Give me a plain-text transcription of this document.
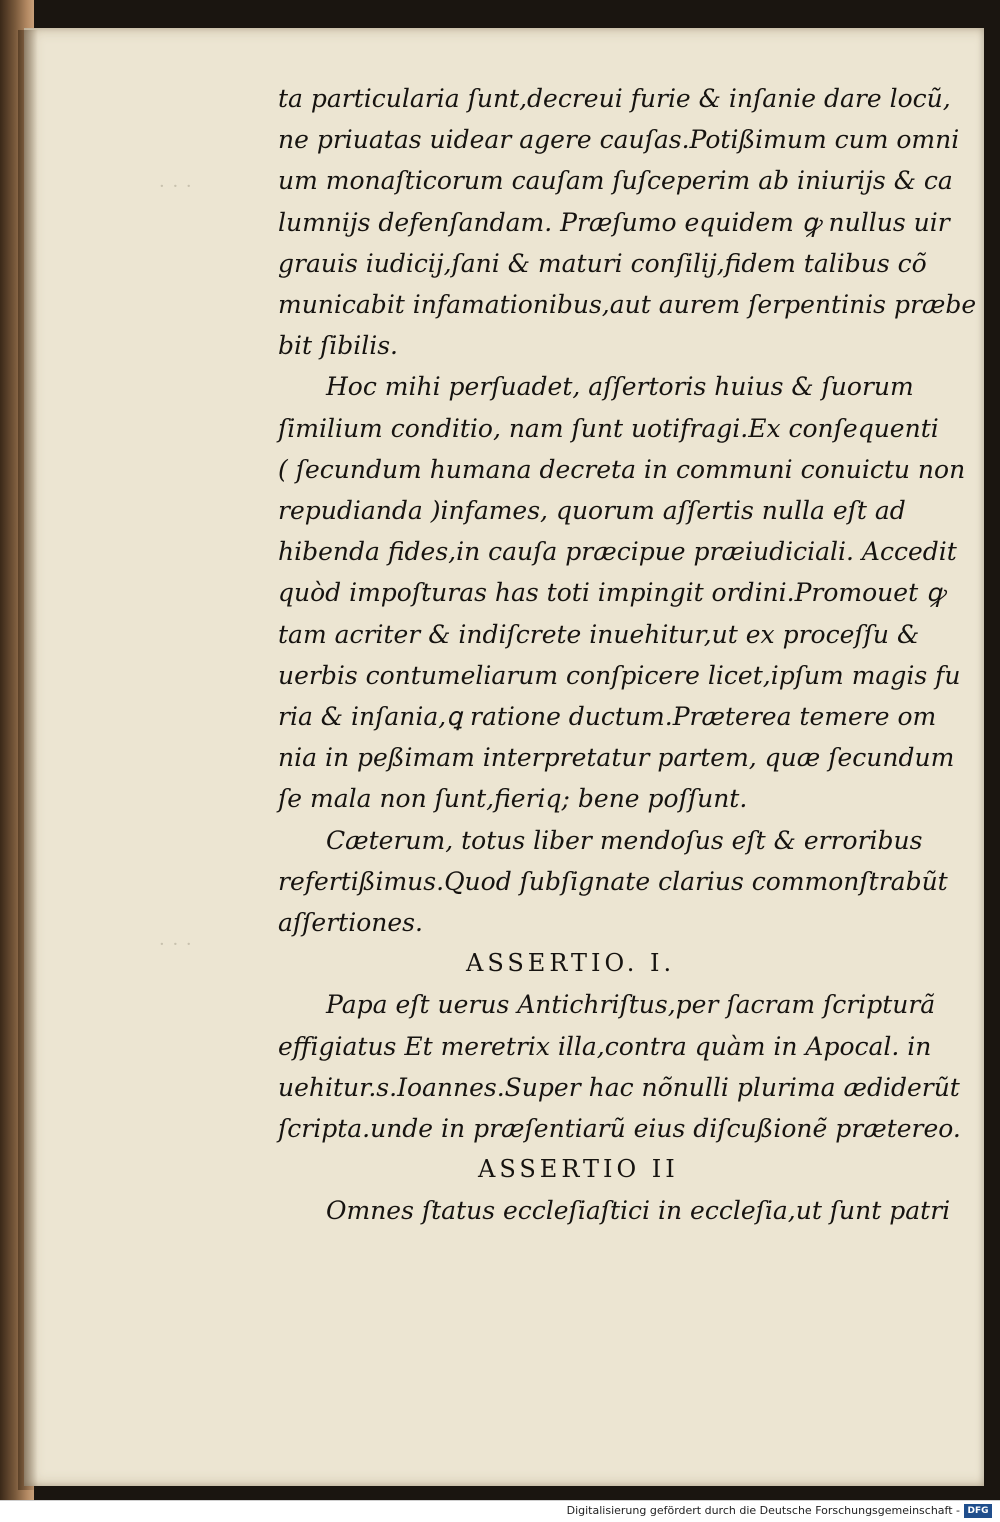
· · ·
· · ·
ta particularia ſunt,decreui furie & inſanie dare locũ,
ne priuatas uidear agere cauſas.Potißimum cum omni
um monaſticorum cauſam ſuſceperim ab iniurijs & ca
lumnijs defenſandam. Præſumo equidem ꝙ nullus uir
grauis iudicij,ſani & maturi conſilij,fidem talibus cõ
municabit infamationibus,aut aurem ſerpentinis præbe
bit ſibilis.
Hoc mihi perſuadet, aſſertoris huius & ſuorum
ſimilium conditio, nam ſunt uotifragi.Ex conſequenti
( ſecundum humana decreta in communi conuictu non
repudianda )infames, quorum aſſertis nulla eſt ad
hibenda fides,in cauſa præcipue præiudiciali. Accedit
quòd impoſturas has toti impingit ordini.Promouet ꝙ
tam acriter & indiſcrete inuehitur,ut ex proceſſu &
uerbis contumeliarum conſpicere licet,ipſum magis fu
ria & inſania,ꝗ ratione ductum.Præterea temere om
nia in peßimam interpretatur partem, quæ ſecundum
ſe mala non ſunt,fieriq; bene poſſunt.
Cæterum, totus liber mendoſus eſt & erroribus
refertißimus.Quod ſubſignate clarius commonſtrabũt
aſſertiones.
ASSERTIO. I.
Papa eſt uerus Antichriſtus,per ſacram ſcripturã
effigiatus Et meretrix illa,contra quàm in Apocal. in
uehitur.s.Ioannes.Super hac nõnulli plurima ædiderũt
ſcripta.unde in præſentiarũ eius diſcußionẽ prætereo.
ASSERTIO II
Omnes ſtatus eccleſiaſtici in eccleſia,ut ſunt patri
Digitalisierung gefördert durch die Deutsche Forschungsgemeinschaft - DFG
